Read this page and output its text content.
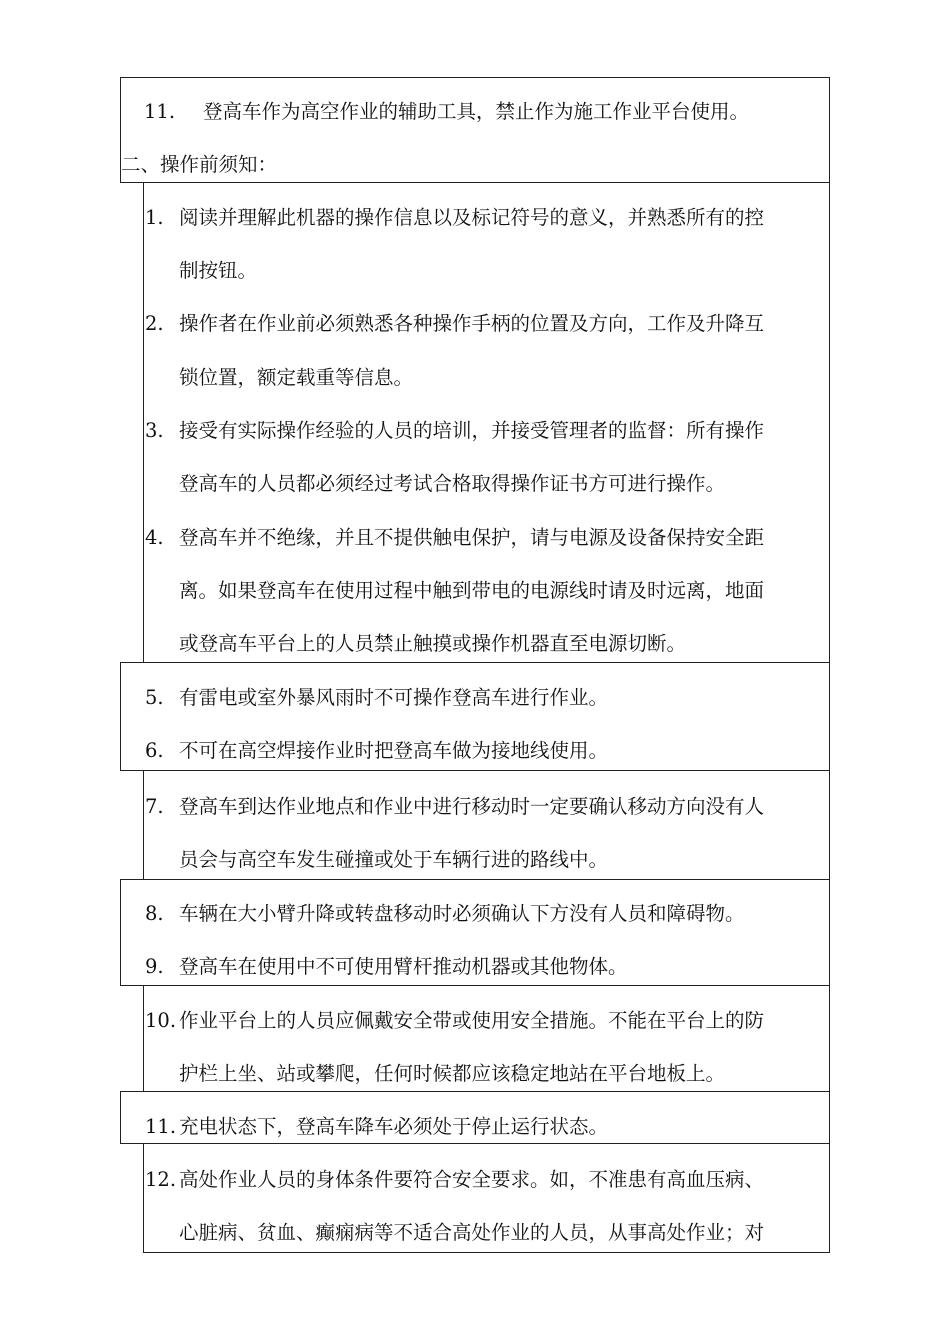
11. 登高车作为高空作业的辅助工具，禁止作为施工作业平台使用。
二、操作前须知：
1. 阅读并理解此机器的操作信息以及标记符号的意义，并熟悉所有的控
制按钮。
2. 操作者在作业前必须熟悉各种操作手柄的位置及方向，工作及升降互
锁位置，额定载重等信息。
3. 接受有实际操作经验的人员的培训，并接受管理者的监督：所有操作
登高车的人员都必须经过考试合格取得操作证书方可进行操作。
4. 登高车并不绝缘，并且不提供触电保护，请与电源及设备保持安全距
离。如果登高车在使用过程中触到带电的电源线时请及时远离，地面
或登高车平台上的人员禁止触摸或操作机器直至电源切断。
5. 有雷电或室外暴风雨时不可操作登高车进行作业。
6. 不可在高空焊接作业时把登高车做为接地线使用。
7. 登高车到达作业地点和作业中进行移动时一定要确认移动方向没有人
员会与高空车发生碰撞或处于车辆行进的路线中。
8. 车辆在大小臂升降或转盘移动时必须确认下方没有人员和障碍物。
9. 登高车在使用中不可使用臂杆推动机器或其他物体。
10. 作业平台上的人员应佩戴安全带或使用安全措施。不能在平台上的防
护栏上坐、站或攀爬，任何时候都应该稳定地站在平台地板上。
11. 充电状态下，登高车降车必须处于停止运行状态。
12. 高处作业人员的身体条件要符合安全要求。如，不准患有高血压病、
心脏病、贫血、癫痫病等不适合高处作业的人员，从事高处作业；对
